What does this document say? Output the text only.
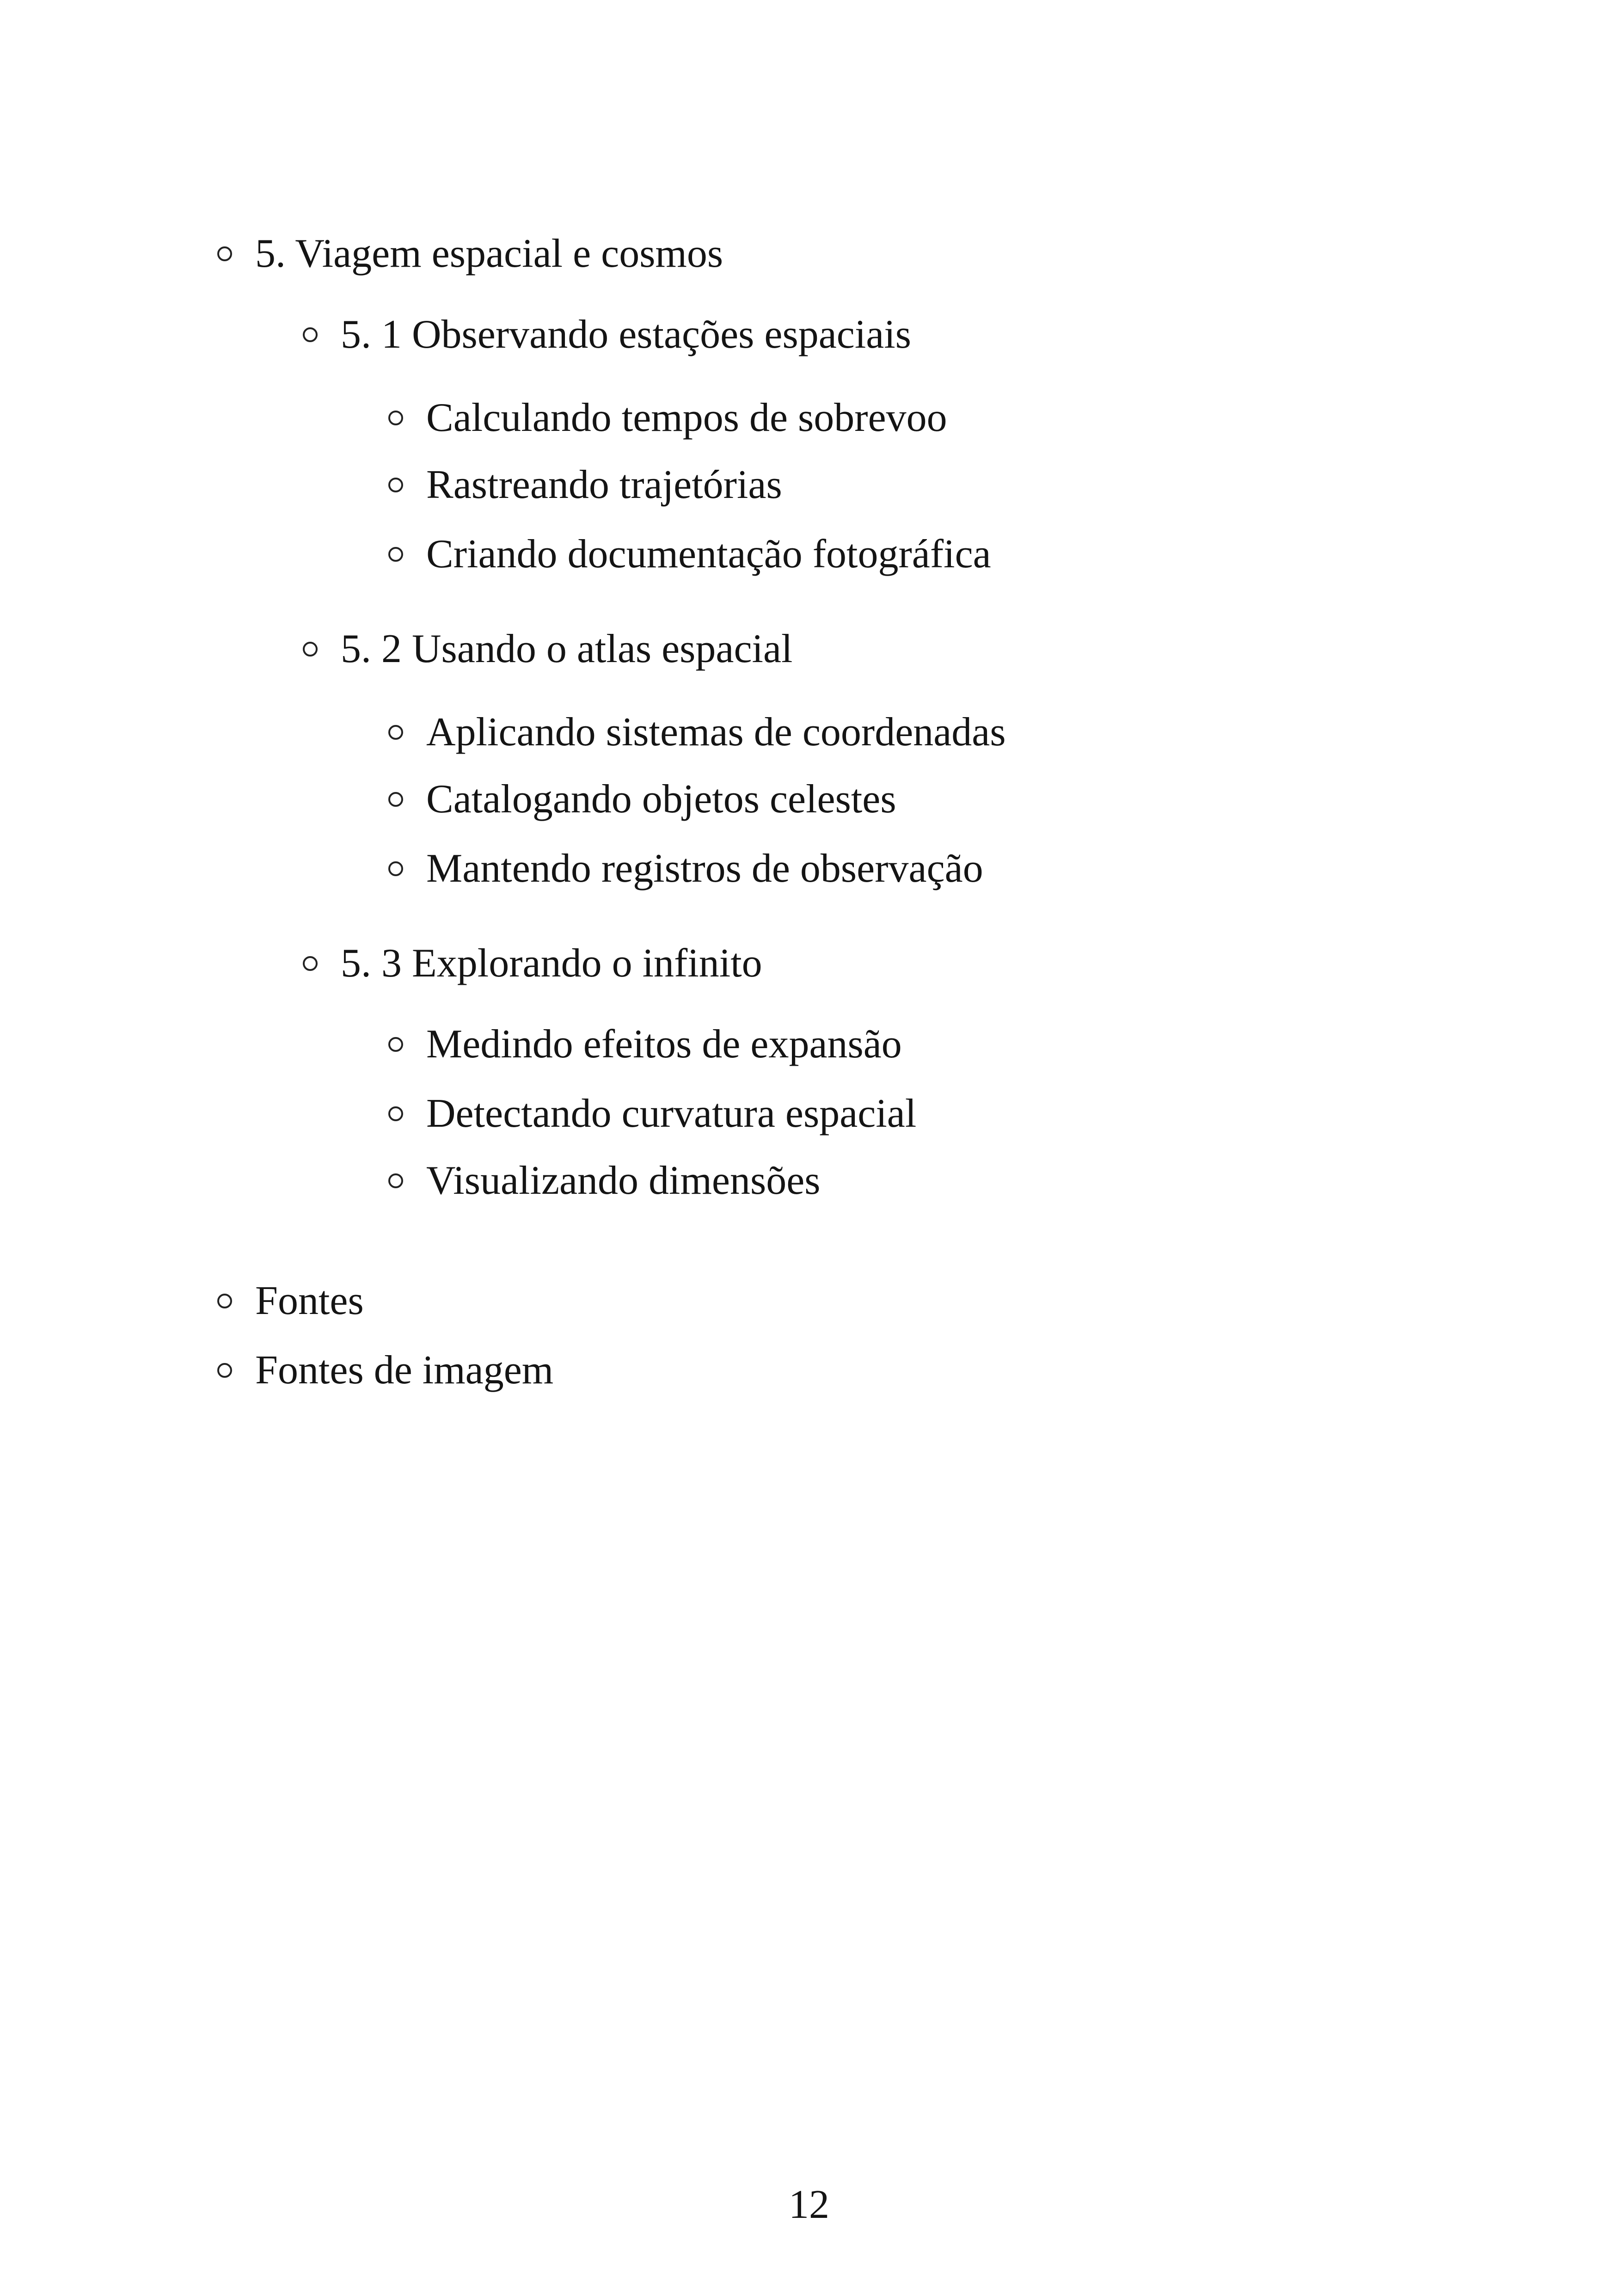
5. Viagem espacial e cosmos
5. 1 Observando estações espaciais
Calculando tempos de sobrevoo
Rastreando trajetórias
Criando documentação fotográfica
5. 2 Usando o atlas espacial
Aplicando sistemas de coordenadas
Catalogando objetos celestes
Mantendo registros de observação
5. 3 Explorando o infinito
Medindo efeitos de expansão
Detectando curvatura espacial
Visualizando dimensões
Fontes
Fontes de imagem
12
